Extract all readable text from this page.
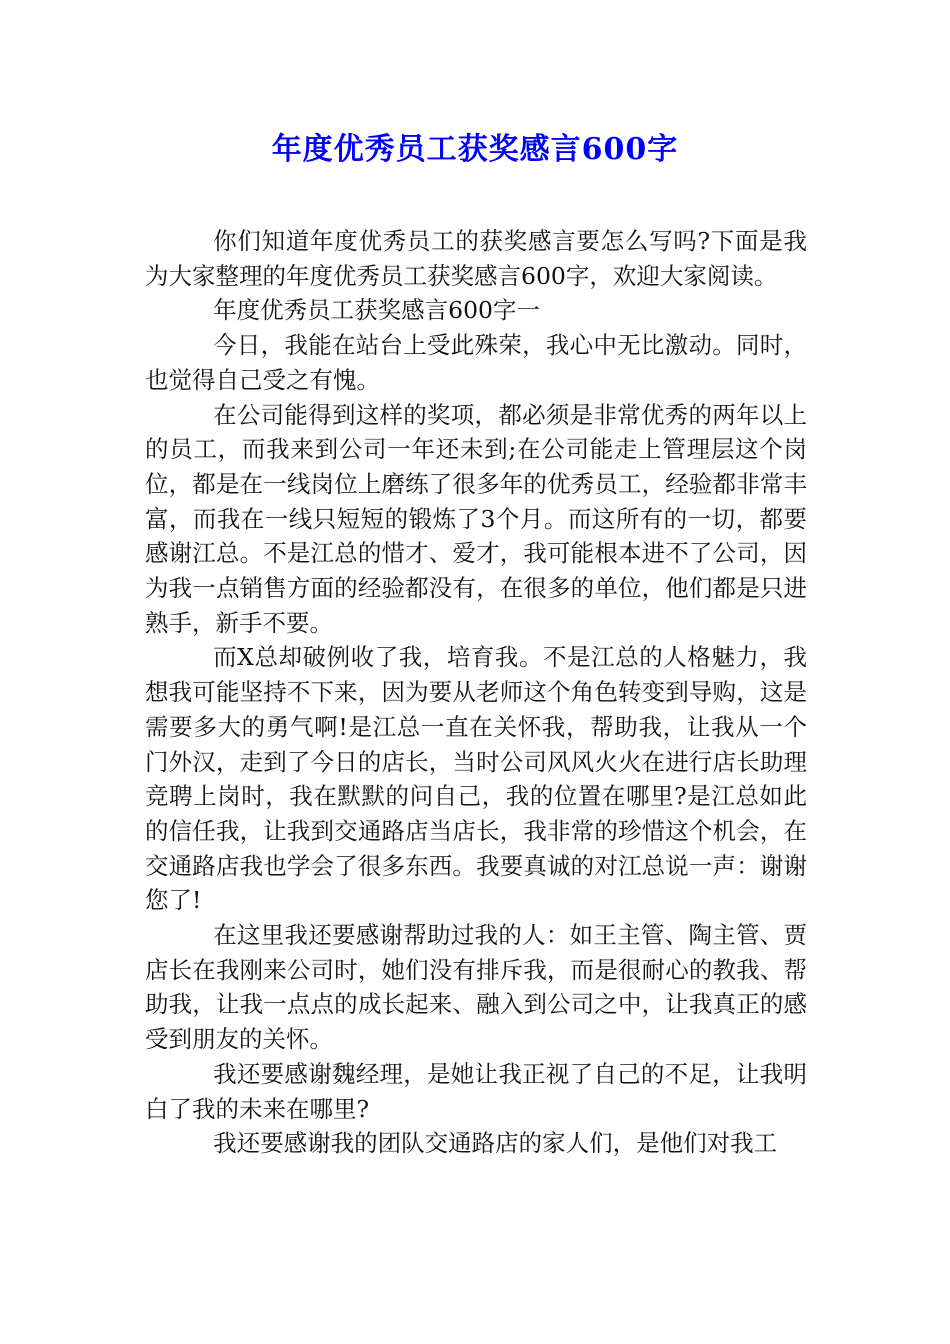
年度优秀员工获奖感言600字

你们知道年度优秀员工的获奖感言要怎么写吗?下面是我为大家整理的年度优秀员工获奖感言600字，欢迎大家阅读。

年度优秀员工获奖感言600字一

今日，我能在站台上受此殊荣，我心中无比激动。同时，也觉得自己受之有愧。

在公司能得到这样的奖项，都必须是非常优秀的两年以上的员工，而我来到公司一年还未到;在公司能走上管理层这个岗位，都是在一线岗位上磨练了很多年的优秀员工，经验都非常丰富，而我在一线只短短的锻炼了3个月。而这所有的一切，都要感谢江总。不是江总的惜才、爱才，我可能根本进不了公司，因为我一点销售方面的经验都没有，在很多的单位，他们都是只进熟手，新手不要。

而X总却破例收了我，培育我。不是江总的人格魅力，我想我可能坚持不下来，因为要从老师这个角色转变到导购，这是需要多大的勇气啊!是江总一直在关怀我，帮助我，让我从一个门外汉，走到了今日的店长，当时公司风风火火在进行店长助理竞聘上岗时，我在默默的问自己，我的位置在哪里?是江总如此的信任我，让我到交通路店当店长，我非常的珍惜这个机会，在交通路店我也学会了很多东西。我要真诚的对江总说一声：谢谢您了!

在这里我还要感谢帮助过我的人：如王主管、陶主管、贾店长在我刚来公司时，她们没有排斥我，而是很耐心的教我、帮助我，让我一点点的成长起来、融入到公司之中，让我真正的感受到朋友的关怀。

我还要感谢魏经理，是她让我正视了自己的不足，让我明白了我的未来在哪里?

我还要感谢我的团队交通路店的家人们，是他们对我工
